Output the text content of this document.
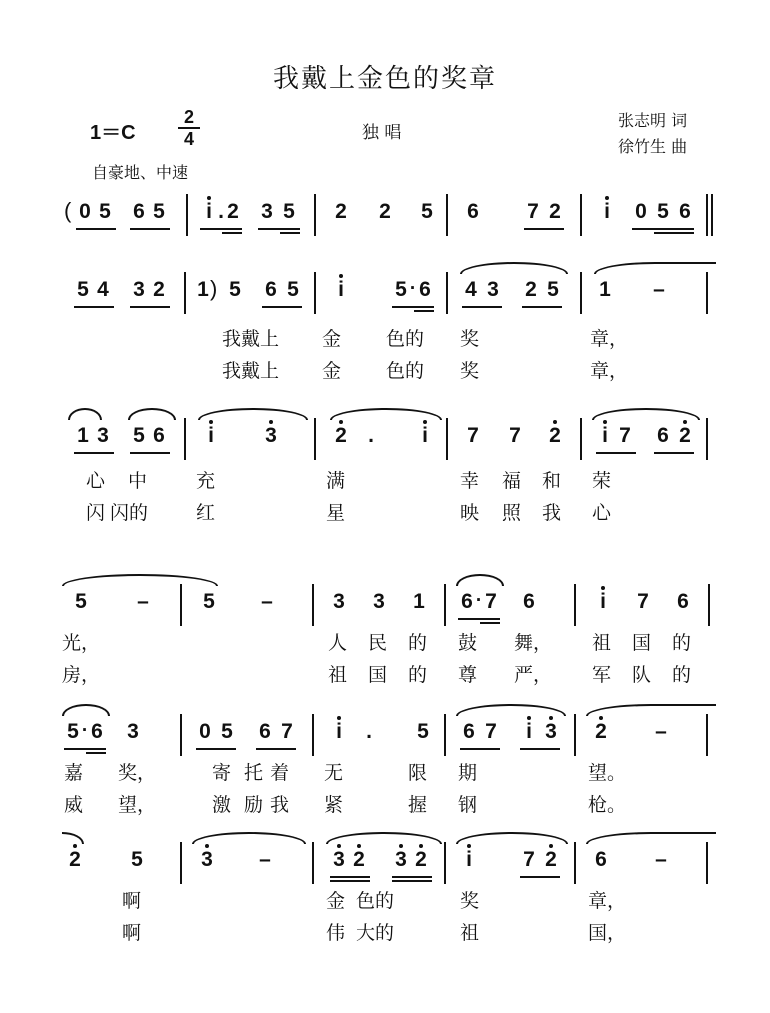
我戴上金色的奖章
1＝C
2
4	独 唱
张志明 词
徐竹生 曲
自豪地、中速
( 0 5 6 5 i . 2 3 5 2 2 5 6 7 2 i 0 5 6
5 4 3 2 1 ) 5 6 5 i 5 · 6 4 3 2 5 1 –
我戴上 金 色的 奖	章，
我戴上 金 色的 奖	章，
1 3 5 6 i 3	2 . i 7 7 2 i 7 6 2
心 中	充	满	幸 福 和 荣
闪 闪的	红	星	映 照 我 心
5 –	5 –	3 3 1 6 · 7 6	i 7 6
光，	人 民 的 鼓 舞， 祖 国 的
房，	祖 国 的 尊 严， 军 队 的
5 · 6 3	0 5 6 7 i . 5 6 7 i 3 2 –
嘉 奖，	寄 托 着 无	限 期	望。
威 望，	激 励 我 紧	握 钢	枪。
2 5	3 –	3 2 3 2 i 7 2 6 –
啊	金 色的	奖	章，
啊	伟 大的	祖	国，
